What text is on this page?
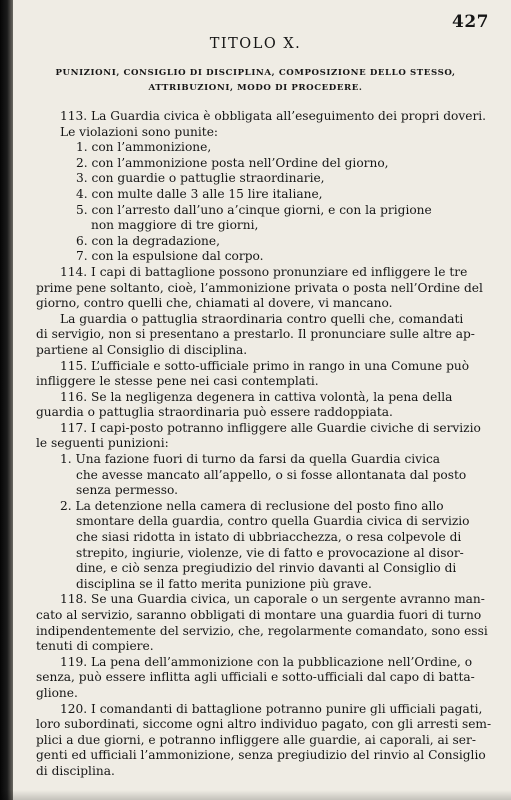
427
TITOLO X.
PUNIZIONI, CONSIGLIO DI DISCIPLINA, COMPOSIZIONE DELLO STESSO,
ATTRIBUZIONI, MODO DI PROCEDERE.
113. La Guardia civica è obbligata all’eseguimento dei propri doveri.
Le violazioni sono punite:
1. con l’ammonizione,
2. con l’ammonizione posta nell’Ordine del giorno,
3. con guardie o pattuglie straordinarie,
4. con multe dalle 3 alle 15 lire italiane,
5. con l’arresto dall’uno a’cinque giorni, e con la prigione
non maggiore di tre giorni,
6. con la degradazione,
7. con la espulsione dal corpo.
114. I capi di battaglione possono pronunziare ed infliggere le tre
prime pene soltanto, cioè, l’ammonizione privata o posta nell’Ordine del
giorno, contro quelli che, chiamati al dovere, vi mancano.
La guardia o pattuglia straordinaria contro quelli che, comandati
di servigio, non si presentano a prestarlo. Il pronunciare sulle altre ap-
partiene al Consiglio di disciplina.
115. L’ufficiale e sotto-ufficiale primo in rango in una Comune può
infliggere le stesse pene nei casi contemplati.
116. Se la negligenza degenera in cattiva volontà, la pena della
guardia o pattuglia straordinaria può essere raddoppiata.
117. I capi-posto potranno infliggere alle Guardie civiche di servizio
le seguenti punizioni:
1. Una fazione fuori di turno da farsi da quella Guardia civica
che avesse mancato all’appello, o si fosse allontanata dal posto
senza permesso.
2. La detenzione nella camera di reclusione del posto fino allo
smontare della guardia, contro quella Guardia civica di servizio
che siasi ridotta in istato di ubbriacchezza, o resa colpevole di
strepito, ingiurie, violenze, vie di fatto e provocazione al disor-
dine, e ciò senza pregiudizio del rinvio davanti al Consiglio di
disciplina se il fatto merita punizione più grave.
118. Se una Guardia civica, un caporale o un sergente avranno man-
cato al servizio, saranno obbligati di montare una guardia fuori di turno
indipendentemente del servizio, che, regolarmente comandato, sono essi
tenuti di compiere.
119. La pena dell’ammonizione con la pubblicazione nell’Ordine, o
senza, può essere inflitta agli ufficiali e sotto-ufficiali dal capo di batta-
glione.
120. I comandanti di battaglione potranno punire gli ufficiali pagati,
loro subordinati, siccome ogni altro individuo pagato, con gli arresti sem-
plici a due giorni, e potranno infliggere alle guardie, ai caporali, ai ser-
genti ed ufficiali l’ammonizione, senza pregiudizio del rinvio al Consiglio
di disciplina.
